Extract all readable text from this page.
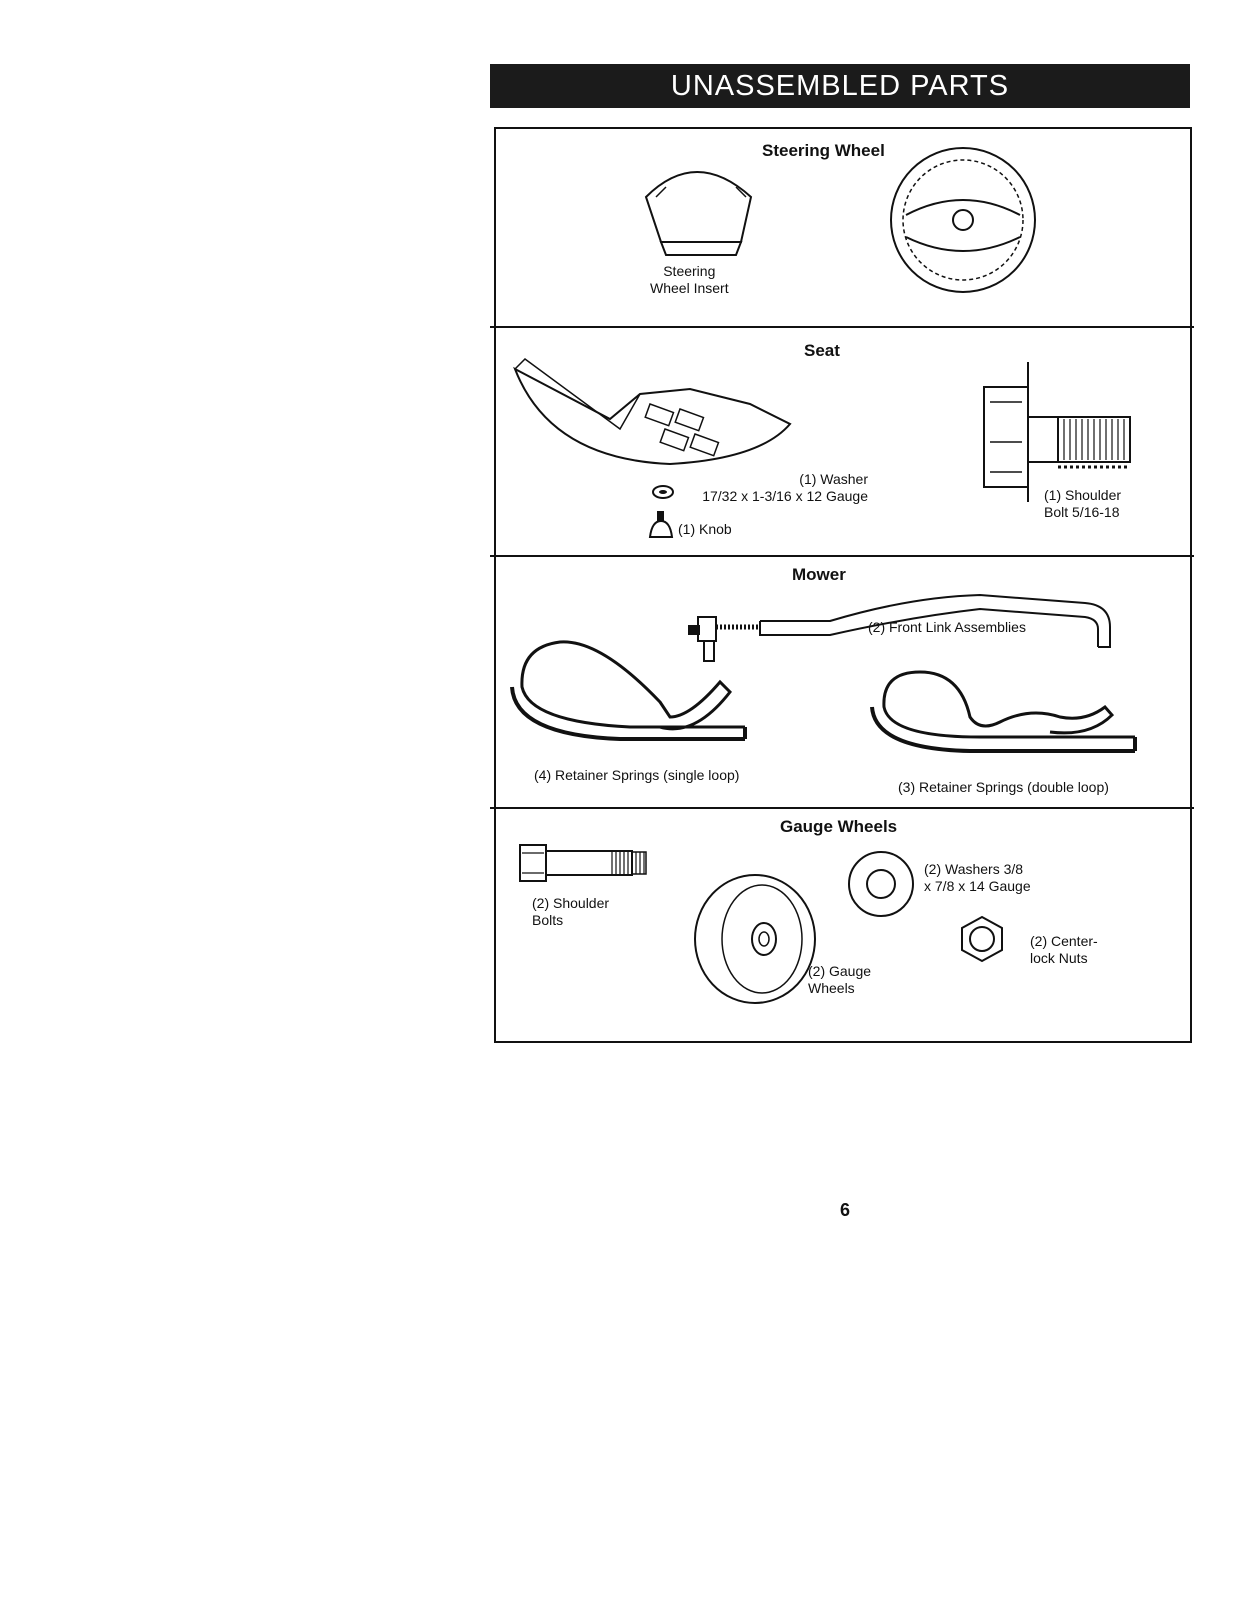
UNASSEMBLED PARTS
Steering Wheel
Steering
Wheel Insert
Seat
(1) Washer
17/32 x 1-3/16 x 12 Gauge
(1) Knob
(1) Shoulder
Bolt 5/16-18
Mower
(2) Front Link Assemblies
(4) Retainer Springs (single loop)
(3) Retainer Springs (double loop)
Gauge Wheels
(2) Shoulder
Bolts
(2) Gauge
Wheels
(2) Washers 3/8
x 7/8 x 14 Gauge
(2) Center-
lock Nuts
6
